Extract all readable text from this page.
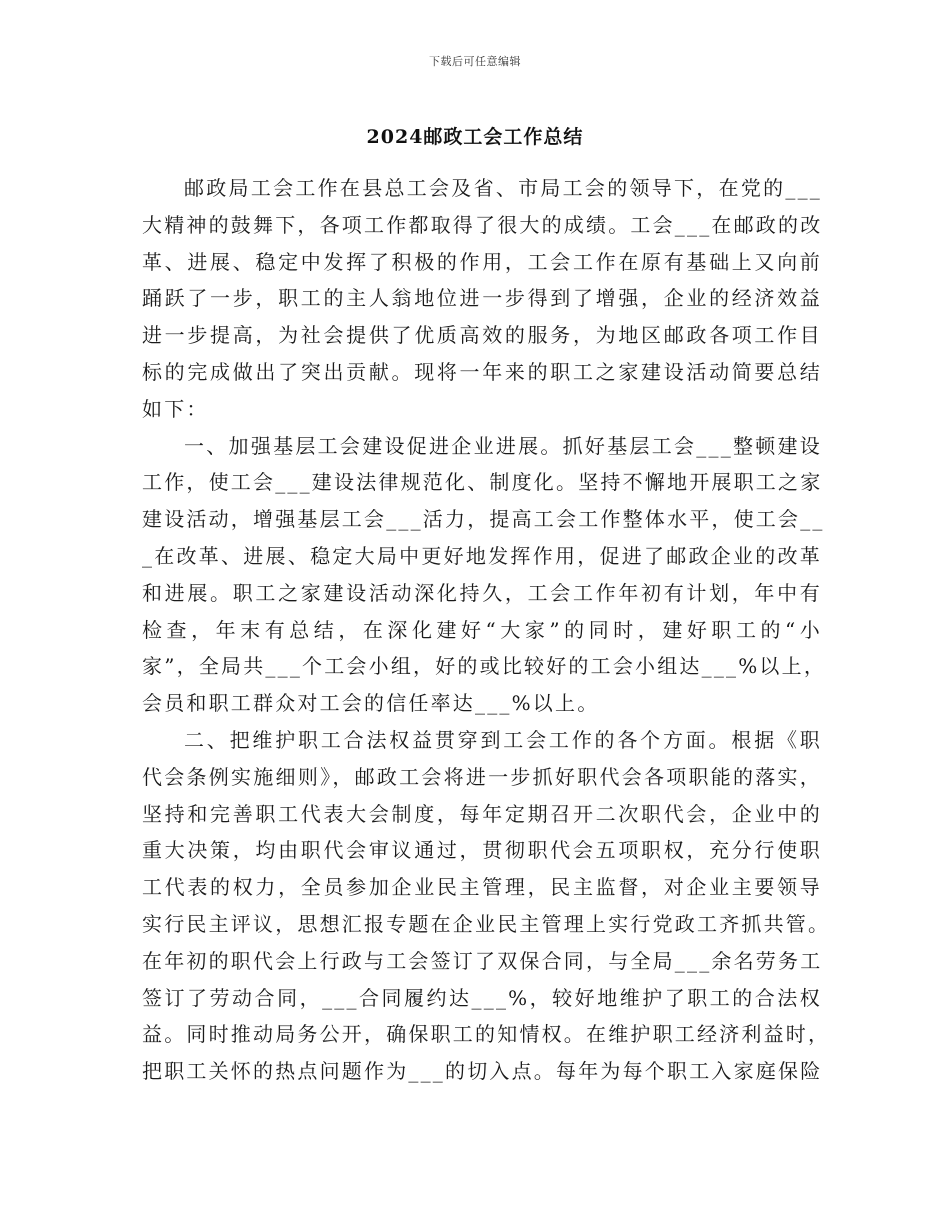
下载后可任意编辑
2024邮政工会工作总结
邮政局工会工作在县总工会及省、市局工会的领导下，在党的___
大精神的鼓舞下，各项工作都取得了很大的成绩。工会___在邮政的改
革、进展、稳定中发挥了积极的作用，工会工作在原有基础上又向前
踊跃了一步，职工的主人翁地位进一步得到了增强，企业的经济效益
进一步提高，为社会提供了优质高效的服务，为地区邮政各项工作目
标的完成做出了突出贡献。现将一年来的职工之家建设活动简要总结
如下：
一、加强基层工会建设促进企业进展。抓好基层工会___整顿建设
工作，使工会___建设法律规范化、制度化。坚持不懈地开展职工之家
建设活动，增强基层工会___活力，提高工会工作整体水平，使工会__
_在改革、进展、稳定大局中更好地发挥作用，促进了邮政企业的改革
和进展。职工之家建设活动深化持久，工会工作年初有计划，年中有
检查，年末有总结，在深化建好“大家”的同时，建好职工的“小
家”，全局共___个工会小组，好的或比较好的工会小组达___%以上，
会员和职工群众对工会的信任率达___%以上。
二、把维护职工合法权益贯穿到工会工作的各个方面。根据《职
代会条例实施细则》，邮政工会将进一步抓好职代会各项职能的落实，
坚持和完善职工代表大会制度，每年定期召开二次职代会，企业中的
重大决策，均由职代会审议通过，贯彻职代会五项职权，充分行使职
工代表的权力，全员参加企业民主管理，民主监督，对企业主要领导
实行民主评议，思想汇报专题在企业民主管理上实行党政工齐抓共管。
在年初的职代会上行政与工会签订了双保合同，与全局___余名劳务工
签订了劳动合同，___合同履约达___%，较好地维护了职工的合法权
益。同时推动局务公开，确保职工的知情权。在维护职工经济利益时，
把职工关怀的热点问题作为___的切入点。每年为每个职工入家庭保险
